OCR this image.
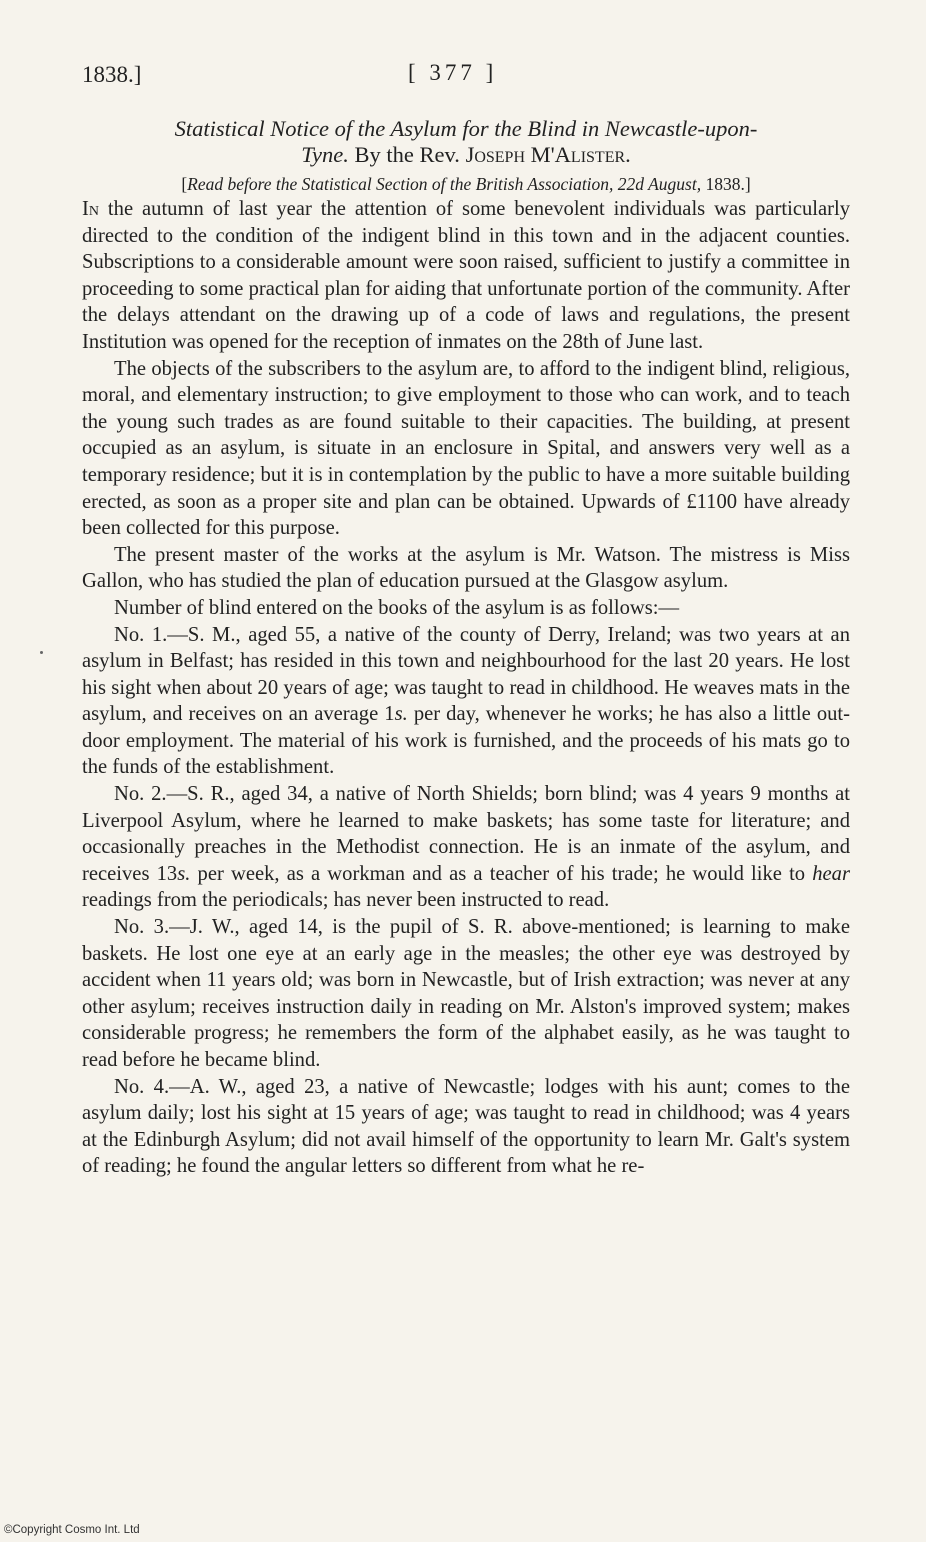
1838.]	[ 377 ]
Statistical Notice of the Asylum for the Blind in Newcastle-upon-
Tyne. By the Rev. Joseph M'Alister.
[Read before the Statistical Section of the British Association, 22d August, 1838.]

In the autumn of last year the attention of some benevolent individuals was particularly directed to the condition of the indigent blind in this town and in the adjacent counties. Subscriptions to a considerable amount were soon raised, sufficient to justify a committee in proceeding to some practical plan for aiding that unfortunate portion of the community. After the delays attendant on the drawing up of a code of laws and regulations, the present Institution was opened for the reception of inmates on the 28th of June last.

The objects of the subscribers to the asylum are, to afford to the indigent blind, religious, moral, and elementary instruction; to give employment to those who can work, and to teach the young such trades as are found suitable to their capacities. The building, at present occupied as an asylum, is situate in an enclosure in Spital, and answers very well as a temporary residence; but it is in contemplation by the public to have a more suitable building erected, as soon as a proper site and plan can be obtained. Upwards of £1100 have already been collected for this purpose.

The present master of the works at the asylum is Mr. Watson. The mistress is Miss Gallon, who has studied the plan of education pursued at the Glasgow asylum.

Number of blind entered on the books of the asylum is as follows:—

No. 1.—S. M., aged 55, a native of the county of Derry, Ireland; was two years at an asylum in Belfast; has resided in this town and neighbourhood for the last 20 years. He lost his sight when about 20 years of age; was taught to read in childhood. He weaves mats in the asylum, and receives on an average 1s. per day, whenever he works; he has also a little out-door employment. The material of his work is furnished, and the proceeds of his mats go to the funds of the establishment.

No. 2.—S. R., aged 34, a native of North Shields; born blind; was 4 years 9 months at Liverpool Asylum, where he learned to make baskets; has some taste for literature; and occasionally preaches in the Methodist connection. He is an inmate of the asylum, and receives 13s. per week, as a workman and as a teacher of his trade; he would like to hear readings from the periodicals; has never been instructed to read.

No. 3.—J. W., aged 14, is the pupil of S. R. above-mentioned; is learning to make baskets. He lost one eye at an early age in the measles; the other eye was destroyed by accident when 11 years old; was born in Newcastle, but of Irish extraction; was never at any other asylum; receives instruction daily in reading on Mr. Alston's improved system; makes considerable progress; he remembers the form of the alphabet easily, as he was taught to read before he became blind.

No. 4.—A. W., aged 23, a native of Newcastle; lodges with his aunt; comes to the asylum daily; lost his sight at 15 years of age; was taught to read in childhood; was 4 years at the Edinburgh Asylum; did not avail himself of the opportunity to learn Mr. Galt's system of reading; he found the angular letters so different from what he re-

©Copyright Cosmo Int. Ltd
